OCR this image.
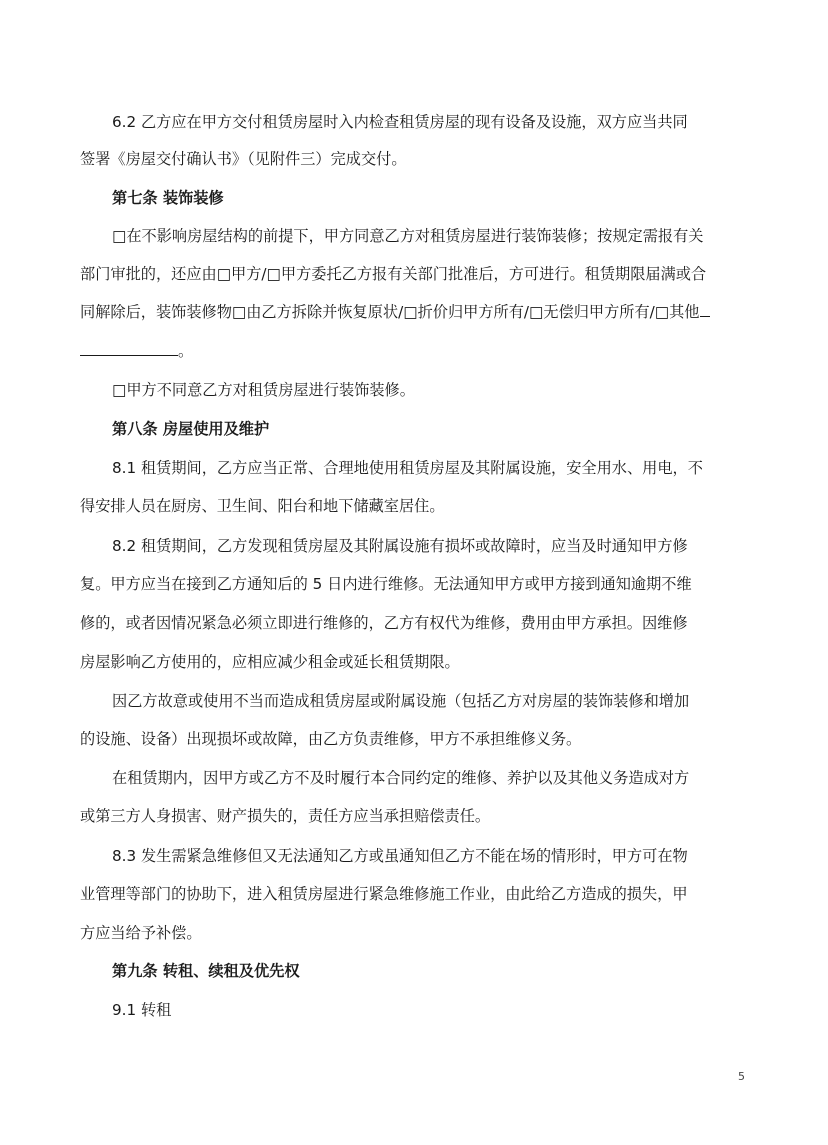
6.2 乙方应在甲方交付租赁房屋时入内检查租赁房屋的现有设备及设施，双方应当共同
签署《房屋交付确认书》（见附件三）完成交付。
第七条 装饰装修
□在不影响房屋结构的前提下，甲方同意乙方对租赁房屋进行装饰装修；按规定需报有关
部门审批的，还应由□甲方/□甲方委托乙方报有关部门批准后，方可进行。租赁期限届满或合
同解除后，装饰装修物□由乙方拆除并恢复原状/□折价归甲方所有/□无偿归甲方所有/□其他
。
□甲方不同意乙方对租赁房屋进行装饰装修。
第八条 房屋使用及维护
8.1 租赁期间，乙方应当正常、合理地使用租赁房屋及其附属设施，安全用水、用电，不
得安排人员在厨房、卫生间、阳台和地下储藏室居住。
8.2 租赁期间，乙方发现租赁房屋及其附属设施有损坏或故障时，应当及时通知甲方修
复。甲方应当在接到乙方通知后的 5 日内进行维修。无法通知甲方或甲方接到通知逾期不维
修的，或者因情况紧急必须立即进行维修的，乙方有权代为维修，费用由甲方承担。因维修
房屋影响乙方使用的，应相应减少租金或延长租赁期限。
因乙方故意或使用不当而造成租赁房屋或附属设施（包括乙方对房屋的装饰装修和增加
的设施、设备）出现损坏或故障，由乙方负责维修，甲方不承担维修义务。
在租赁期内，因甲方或乙方不及时履行本合同约定的维修、养护以及其他义务造成对方
或第三方人身损害、财产损失的，责任方应当承担赔偿责任。
8.3 发生需紧急维修但又无法通知乙方或虽通知但乙方不能在场的情形时，甲方可在物
业管理等部门的协助下，进入租赁房屋进行紧急维修施工作业，由此给乙方造成的损失，甲
方应当给予补偿。
第九条 转租、续租及优先权
9.1 转租
5
